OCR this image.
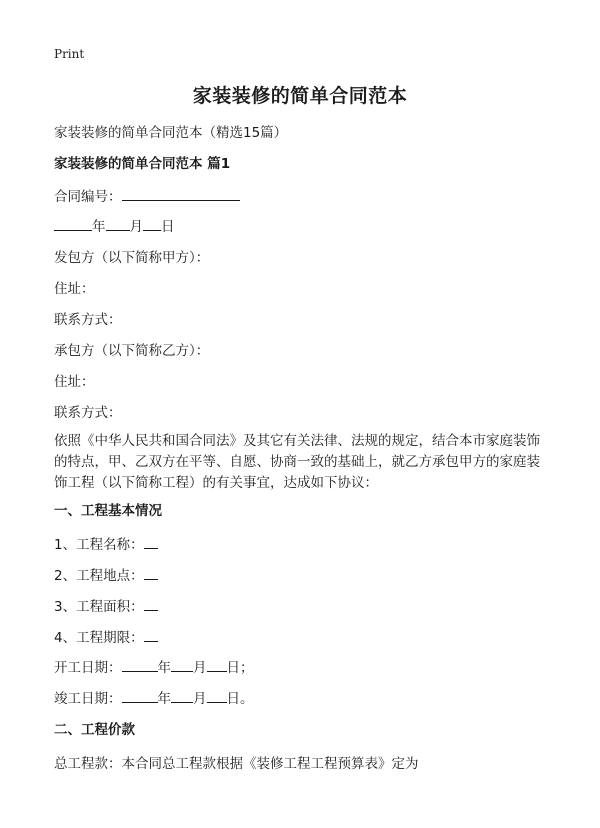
Print
家装装修的简单合同范本
家装装修的简单合同范本（精选15篇）
家装装修的简单合同范本 篇1
合同编号：
年 月 日
发包方（以下简称甲方）：
住址：
联系方式：
承包方（以下简称乙方）：
住址：
联系方式：
依照《中华人民共和国合同法》及其它有关法律、法规的规定，结合本市家庭装饰的特点，甲、乙双方在平等、自愿、协商一致的基础上，就乙方承包甲方的家庭装饰工程（以下简称工程）的有关事宜，达成如下协议：
一、工程基本情况
1、工程名称：
2、工程地点：
3、工程面积：
4、工程期限：
开工日期：	年 月 日；
竣工日期：	年 月 日。
二、工程价款
总工程款：本合同总工程款根据《装修工程工程预算表》定为
